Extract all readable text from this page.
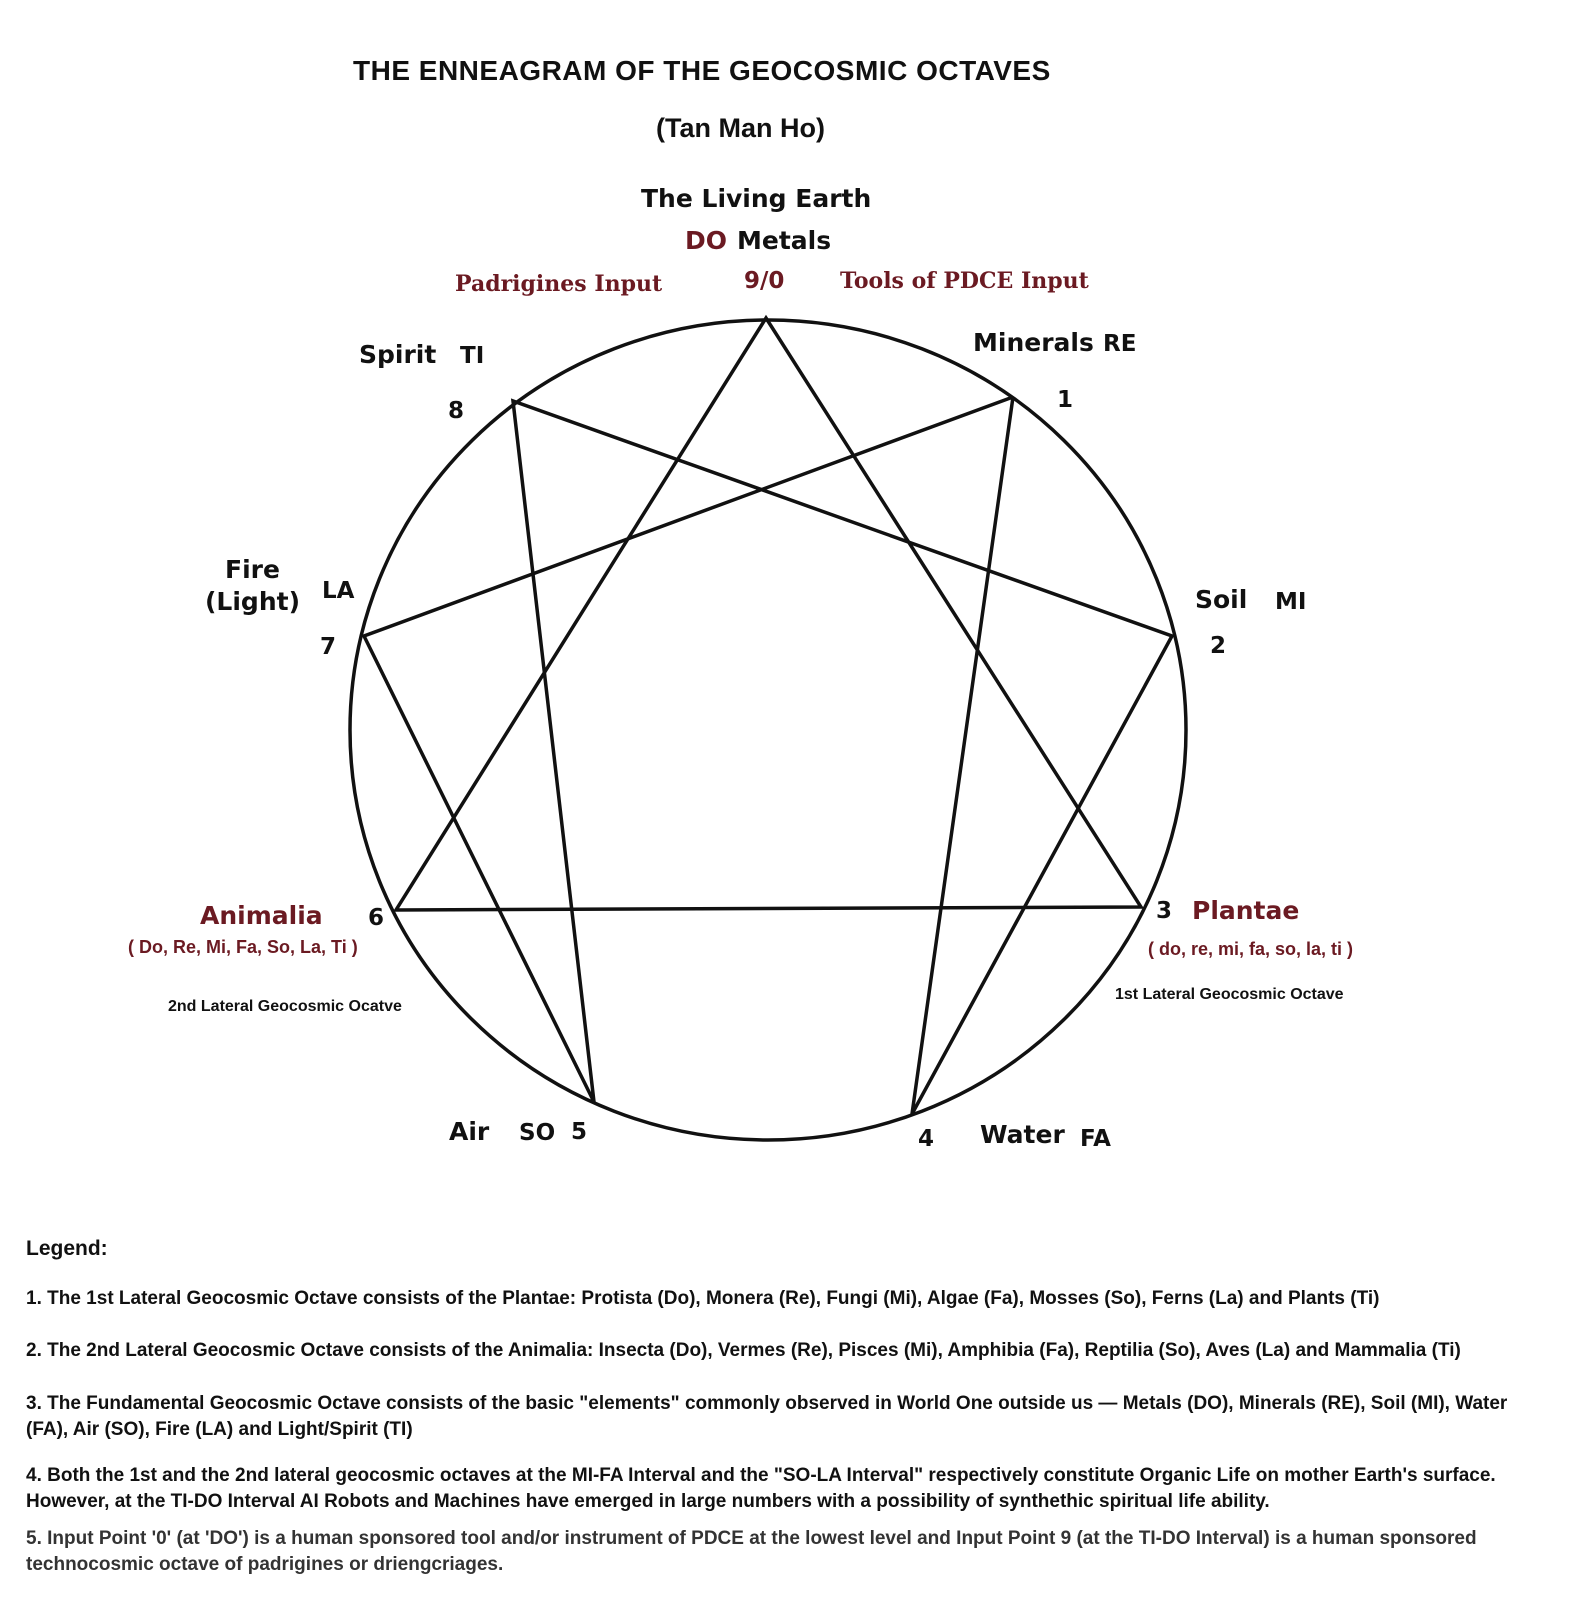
THE ENNEAGRAM OF THE GEOCOSMIC OCTAVES
(Tan Man Ho)
The Living Earth
DO Metals
9/0
Padrigines Input	Tools of PDCE Input
Minerals RE
1
Soil MI
2
3 Plantae
( do, re, mi, fa, so, la, ti )
1st Lateral Geocosmic Octave
4 Water FA
Air SO 5
Animalia 6
( Do, Re, Mi, Fa, So, La, Ti )
2nd Lateral Geocosmic Ocatve
Fire
(Light) LA
7
Spirit TI
8
Legend:
1. The 1st Lateral Geocosmic Octave consists of the Plantae: Protista (Do), Monera (Re), Fungi (Mi), Algae (Fa), Mosses (So), Ferns (La) and Plants (Ti)
2. The 2nd Lateral Geocosmic Octave consists of the Animalia: Insecta (Do), Vermes (Re), Pisces (Mi), Amphibia (Fa), Reptilia (So), Aves (La) and Mammalia (Ti)
3. The Fundamental Geocosmic Octave consists of the basic "elements" commonly observed in World One outside us — Metals (DO), Minerals (RE), Soil (MI), Water (FA), Air (SO), Fire (LA) and Light/Spirit (TI)
4. Both the 1st and the 2nd lateral geocosmic octaves at the MI-FA Interval and the "SO-LA Interval" respectively constitute Organic Life on mother Earth's surface. However, at the TI-DO Interval AI Robots and Machines have emerged in large numbers with a possibility of synthethic spiritual life ability.
5. Input Point '0' (at 'DO') is a human sponsored tool and/or instrument of PDCE at the lowest level and Input Point 9 (at the TI-DO Interval) is a human sponsored technocosmic octave of padrigines or driengcriages.
